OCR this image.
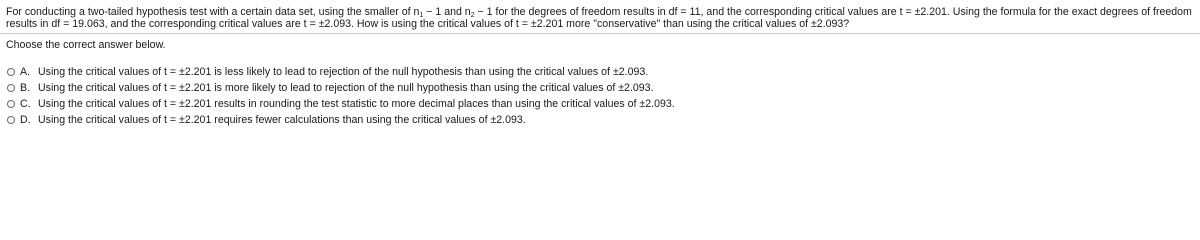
For conducting a two-tailed hypothesis test with a certain data set, using the smaller of $n_1 - 1$ and $n_2 - 1$ for the degrees of freedom results in df = 11, and the corresponding critical values are t = ±2.201. Using the formula for the exact degrees of freedom results in df = 19.063, and the corresponding critical values are t = ±2.093. How is using the critical values of t = ±2.201 more "conservative" than using the critical values of ±2.093?

Choose the correct answer below.

A. Using the critical values of t = ±2.201 is less likely to lead to rejection of the null hypothesis than using the critical values of ±2.093.
B. Using the critical values of t = ±2.201 is more likely to lead to rejection of the null hypothesis than using the critical values of ±2.093.
C. Using the critical values of t = ±2.201 results in rounding the test statistic to more decimal places than using the critical values of ±2.093.
D. Using the critical values of t = ±2.201 requires fewer calculations than using the critical values of ±2.093.
